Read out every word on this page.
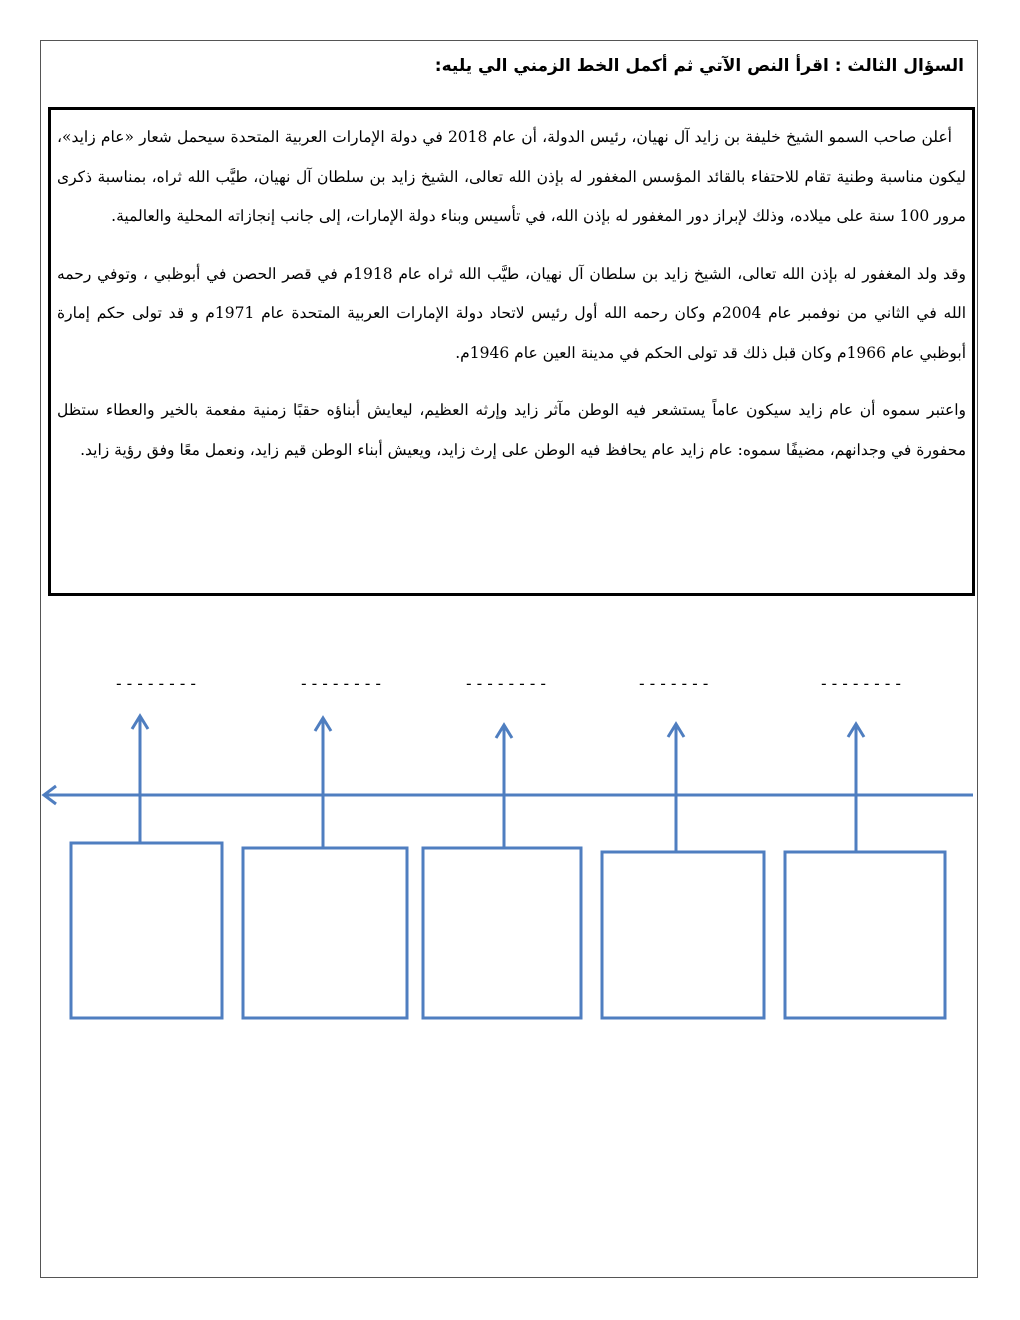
السؤال الثالث : اقرأ النص الآتي ثم أكمل الخط الزمني الي يليه:

أعلن صاحب السمو الشيخ خليفة بن زايد آل نهيان، رئيس الدولة، أن عام 2018 في دولة الإمارات العربية المتحدة سيحمل شعار «عام زايد»، ليكون مناسبة وطنية تقام للاحتفاء بالقائد المؤسس المغفور له بإذن الله تعالى، الشيخ زايد بن سلطان آل نهيان، طيَّب الله ثراه، بمناسبة ذكرى مرور 100 سنة على ميلاده، وذلك لإبراز دور المغفور له بإذن الله، في تأسيس وبناء دولة الإمارات، إلى جانب إنجازاته المحلية والعالمية.

وقد ولد المغفور له بإذن الله تعالى، الشيخ زايد بن سلطان آل نهيان، طيَّب الله ثراه عام 1918م في قصر الحصن في أبوظبي ، وتوفي رحمه الله في الثاني من نوفمبر عام 2004م وكان رحمه الله أول رئيس لاتحاد دولة الإمارات العربية المتحدة عام 1971م و قد تولى حكم إمارة أبوظبي عام 1966م وكان قبل ذلك قد تولى الحكم في مدينة العين عام 1946م.

واعتبر سموه أن عام زايد سيكون عاماً يستشعر فيه الوطن مآثر زايد وإرثه العظيم، ليعايش أبناؤه حقبًا زمنية مفعمة بالخير والعطاء ستظل محفورة في وجدانهم، مضيفًا سموه: عام زايد عام يحافظ فيه الوطن على إرث زايد، ويعيش أبناء الوطن قيم زايد، ونعمل معًا وفق رؤية زايد.

--------	--------	--------	-------	--------
